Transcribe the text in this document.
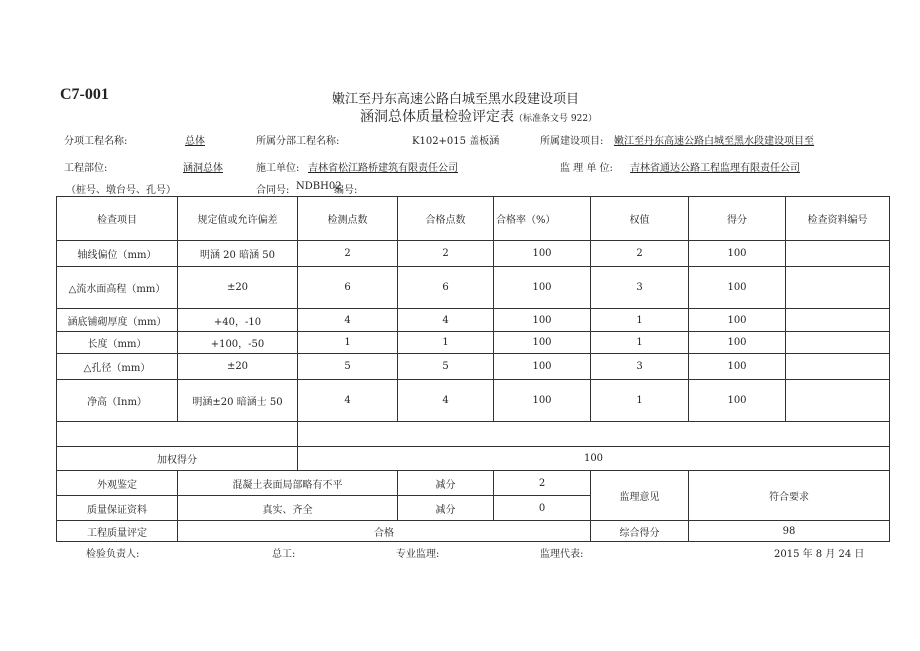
C7-001	嫩江至丹东高速公路白城至黑水段建设项目
涵洞总体质量检验评定表（标准条文号 922）
分项工程名称:	总体	所属分部工程名称:	K102+015 盖板涵	所属建设项目: 嫩江至丹东高速公路白城至黑水段建设项目至
工程部位:	涵洞总体	施工单位: 吉林省松江路桥建筑有限责任公司	监 理 单 位: 吉林省通达公路工程监理有限责任公司
（桩号、墩台号、孔号）	合同号: NDBH02
编号:
检查项目	规定值或允许偏差	检测点数	合格点数	合格率（%）	权值	得分	检查资料编号
轴线偏位（mm）	明涵 20 暗涵 50	2	2	100	2	100	
△流水面高程（mm）	±20	6	6	100	3	100	
涵底铺砌厚度（mm）	+40，-10	4	4	100	1	100	
长度（mm）	+100，-50	1	1	100	1	100	
△孔径（mm）	±20	5	5	100	3	100	
净高（Inm）	明涵±20 暗涵士 50	4	4	100	1	100	

加权得分		100					
外观鉴定	混凝土表面局部略有不平		减分	2	监理意见	符合要求	
质量保证资料	真实、齐全		减分	0			
工程质量评定	合格				综合得分	98	
检验负责人:	总工:	专业监理:	监理代表:	2015 年 8 月 24 日
